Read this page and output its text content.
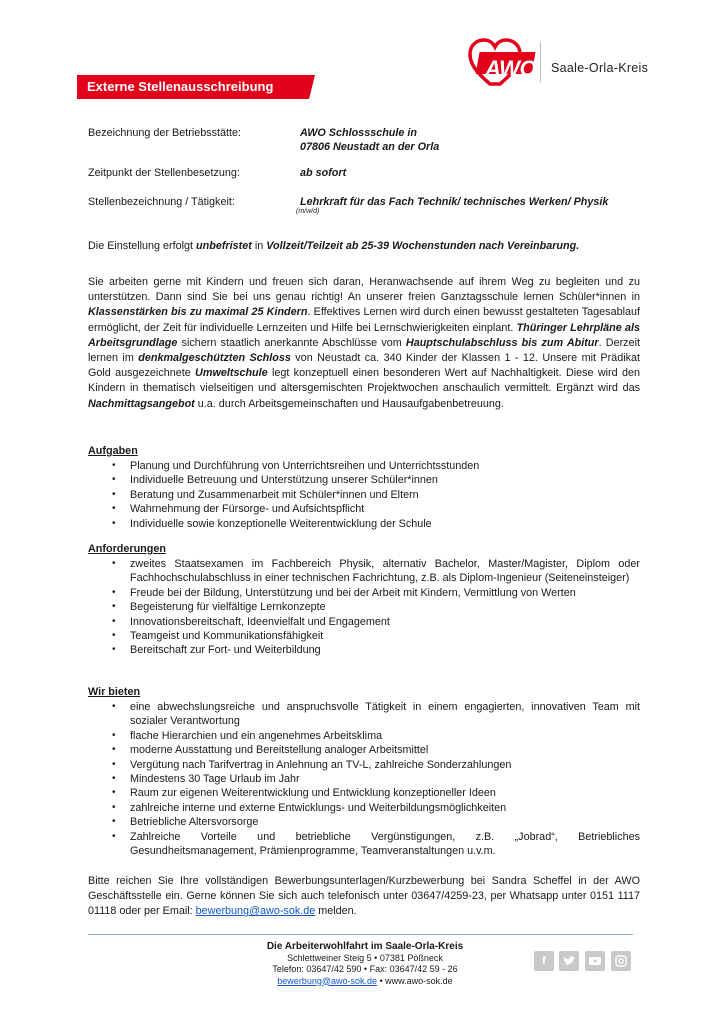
AWO Saale-Orla-Kreis
Externe Stellenausschreibung
Bezeichnung der Betriebsstätte:	AWO Schlossschule in
07806 Neustadt an der Orla
Zeitpunkt der Stellenbesetzung:	ab sofort
Stellenbezeichnung / Tätigkeit:	Lehrkraft für das Fach Technik/ technisches Werken/ Physik
(m/w/d)
Die Einstellung erfolgt unbefristet in Vollzeit/Teilzeit ab 25-39 Wochenstunden nach Vereinbarung.
Sie arbeiten gerne mit Kindern und freuen sich daran, Heranwachsende auf ihrem Weg zu begleiten und zu unterstützen. Dann sind Sie bei uns genau richtig! An unserer freien Ganztagsschule lernen Schüler*innen in Klassenstärken bis zu maximal 25 Kindern. Effektives Lernen wird durch einen bewusst gestalteten Tagesablauf ermöglicht, der Zeit für individuelle Lernzeiten und Hilfe bei Lernschwierigkeiten einplant. Thüringer Lehrpläne als Arbeitsgrundlage sichern staatlich anerkannte Abschlüsse vom Hauptschulabschluss bis zum Abitur. Derzeit lernen im denkmalgeschützten Schloss von Neustadt ca. 340 Kinder der Klassen 1 - 12. Unsere mit Prädikat Gold ausgezeichnete Umweltschule legt konzeptuell einen besonderen Wert auf Nachhaltigkeit. Diese wird den Kindern in thematisch vielseitigen und altersgemischten Projektwochen anschaulich vermittelt. Ergänzt wird das Nachmittagsangebot u.a. durch Arbeitsgemeinschaften und Hausaufgabenbetreuung.
Aufgaben
• Planung und Durchführung von Unterrichtsreihen und Unterrichtsstunden
• Individuelle Betreuung und Unterstützung unserer Schüler*innen
• Beratung und Zusammenarbeit mit Schüler*innen und Eltern
• Wahrnehmung der Fürsorge- und Aufsichtspflicht
• Individuelle sowie konzeptionelle Weiterentwicklung der Schule
Anforderungen
• zweites Staatsexamen im Fachbereich Physik, alternativ Bachelor, Master/Magister, Diplom oder Fachhochschulabschluss in einer technischen Fachrichtung, z.B. als Diplom-Ingenieur (Seiteneinsteiger)
• Freude bei der Bildung, Unterstützung und bei der Arbeit mit Kindern, Vermittlung von Werten
• Begeisterung für vielfältige Lernkonzepte
• Innovationsbereitschaft, Ideenvielfalt und Engagement
• Teamgeist und Kommunikationsfähigkeit
• Bereitschaft zur Fort- und Weiterbildung
Wir bieten
• eine abwechslungsreiche und anspruchsvolle Tätigkeit in einem engagierten, innovativen Team mit sozialer Verantwortung
• flache Hierarchien und ein angenehmes Arbeitsklima
• moderne Ausstattung und Bereitstellung analoger Arbeitsmittel
• Vergütung nach Tarifvertrag in Anlehnung an TV-L, zahlreiche Sonderzahlungen
• Mindestens 30 Tage Urlaub im Jahr
• Raum zur eigenen Weiterentwicklung und Entwicklung konzeptioneller Ideen
• zahlreiche interne und externe Entwicklungs- und Weiterbildungsmöglichkeiten
• Betriebliche Altersvorsorge
• Zahlreiche Vorteile und betriebliche Vergünstigungen, z.B. „Jobrad“, Betriebliches Gesundheitsmanagement, Prämienprogramme, Teamveranstaltungen u.v.m.
Bitte reichen Sie Ihre vollständigen Bewerbungsunterlagen/Kurzbewerbung bei Sandra Scheffel in der AWO Geschäftsstelle ein. Gerne können Sie sich auch telefonisch unter 03647/4259-23, per Whatsapp unter 0151 1117 01118 oder per Email: bewerbung@awo-sok.de melden.
Die Arbeiterwohlfahrt im Saale-Orla-Kreis
Schlettweiner Steig 5 • 07381 Pößneck
Telefon: 03647/42 590 • Fax: 03647/42 59 - 26
bewerbung@awo-sok.de • www.awo-sok.de
f
